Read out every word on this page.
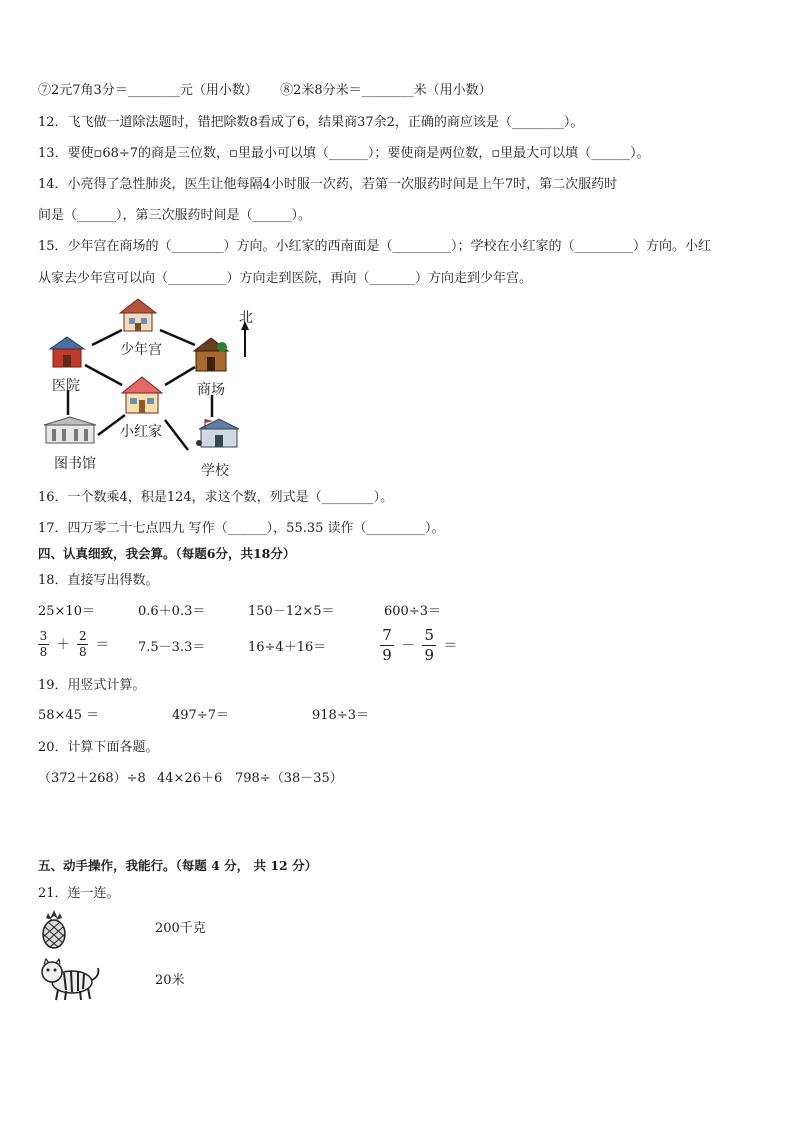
⑦2元7角3分＝________元（用小数） ⑧2米8分米＝________米（用小数）
12．飞飞做一道除法题时，错把除数8看成了6，结果商37余2，正确的商应该是（________）。
13．要使▫68÷7的商是三位数，▫里最小可以填（______）；要使商是两位数，▫里最大可以填（______）。
14．小亮得了急性肺炎，医生让他每隔4小时服一次药，若第一次服药时间是上午7时，第二次服药时
间是（______），第三次服药时间是（______）。
15．少年宫在商场的（________）方向。小红家的西南面是（_________）；学校在小红家的（_________）方向。小红
从家去少年宫可以向（_________）方向走到医院，再向（_______）方向走到少年宫。
少年宫
医院	商场
小红家
图书馆	学校
北
16．一个数乘4，积是124，求这个数，列式是（________）。
17．四万零二十七点四九 写作（______），55.35 读作（_________）。
四、认真细致，我会算。（每题6分，共18分）
18．直接写出得数。
25×10＝	0.6＋0.3＝	150－12×5＝	600÷3＝
$\frac{3}{8} + \frac{2}{8} = 7.5-3.3=$	16÷4＋16＝	$\frac{7}{9} - \frac{5}{9}$ ＝
19．用竖式计算。
58×45 ＝	497÷7＝	918÷3＝
20．计算下面各题。
（372＋268）÷8 44×26＋6 798÷（38－35）
五、动手操作，我能行。（每题 4 分， 共 12 分）
21．连一连。
200千克
20米
